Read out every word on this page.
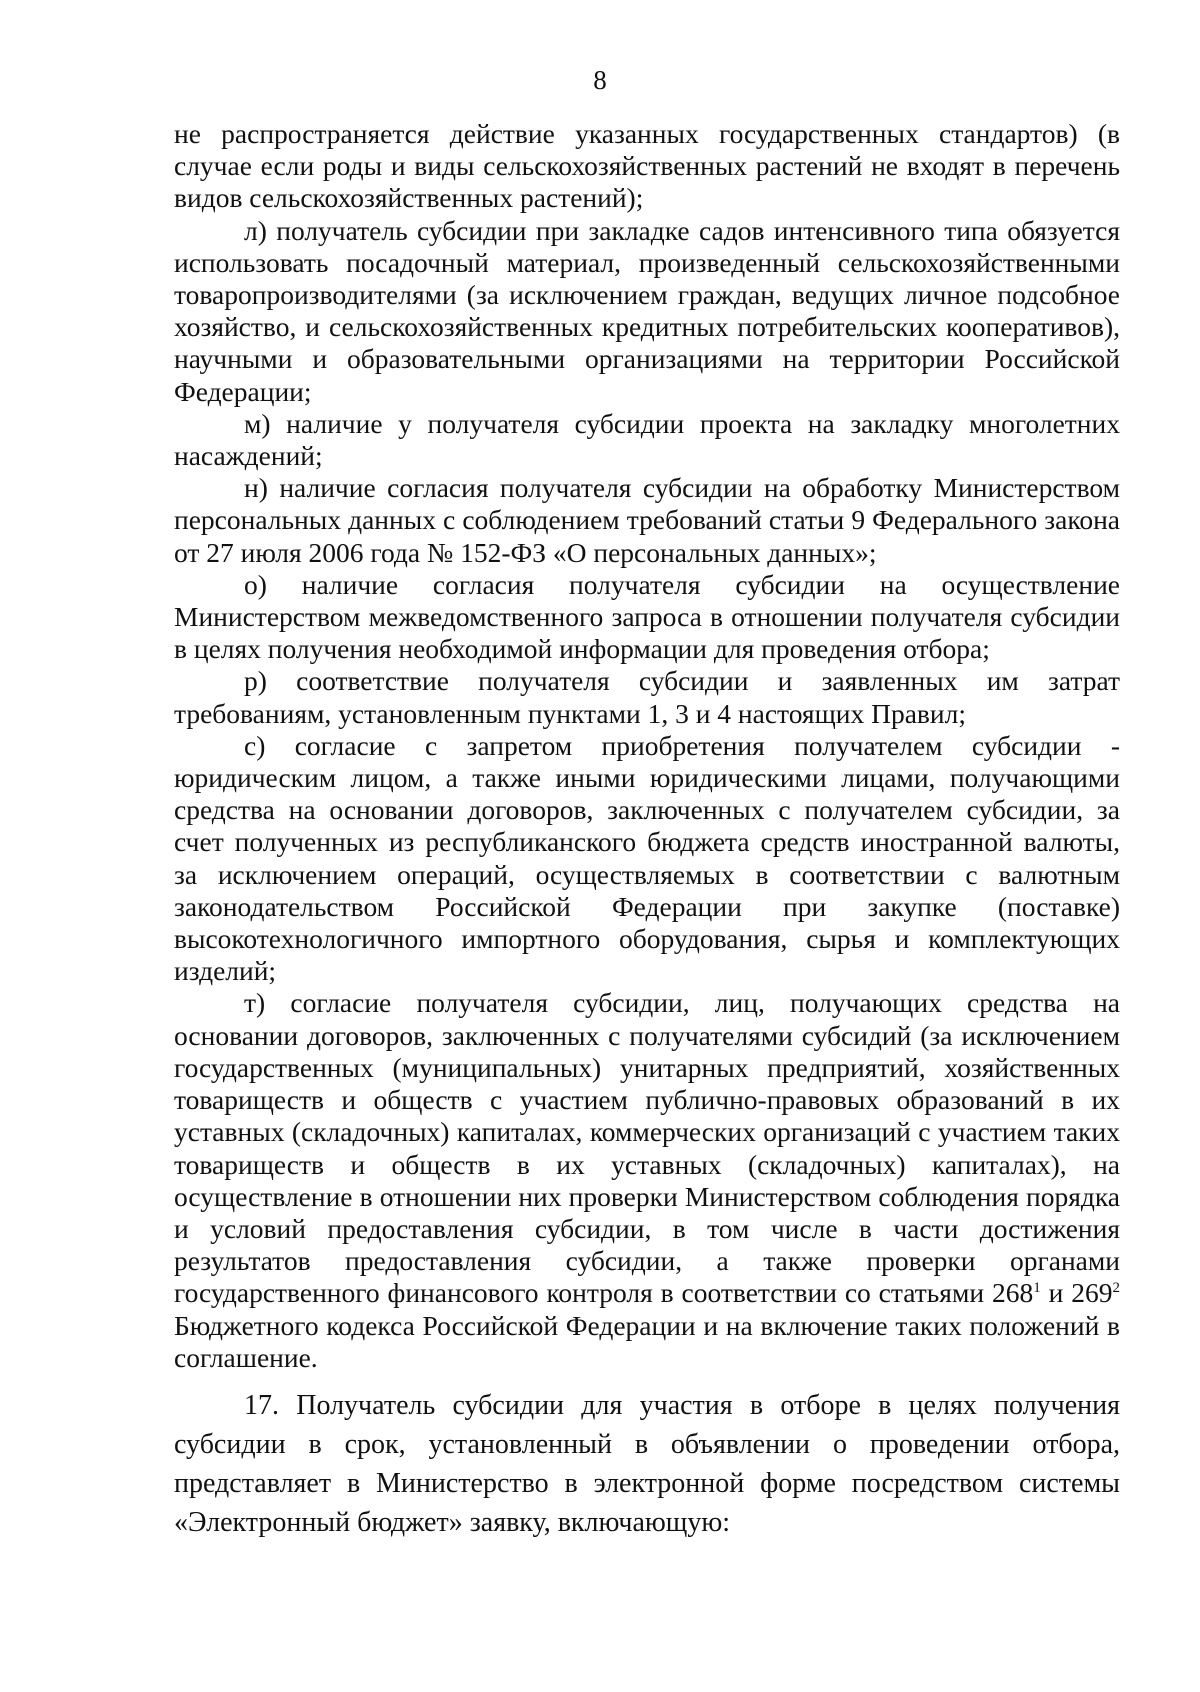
8

не распространяется действие указанных государственных стандартов) (в случае если роды и виды сельскохозяйственных растений не входят в перечень видов сельскохозяйственных растений);

л) получатель субсидии при закладке садов интенсивного типа обязуется использовать посадочный материал, произведенный сельскохозяйственными товаропроизводителями (за исключением граждан, ведущих личное подсобное хозяйство, и сельскохозяйственных кредитных потребительских кооперативов), научными и образовательными организациями на территории Российской Федерации;

м) наличие у получателя субсидии проекта на закладку многолетних насаждений;

н) наличие согласия получателя субсидии на обработку Министерством персональных данных с соблюдением требований статьи 9 Федерального закона от 27 июля 2006 года № 152-ФЗ «О персональных данных»;

о) наличие согласия получателя субсидии на осуществление Министерством межведомственного запроса в отношении получателя субсидии в целях получения необходимой информации для проведения отбора;

р) соответствие получателя субсидии и заявленных им затрат требованиям, установленным пунктами 1, 3 и 4 настоящих Правил;

с) согласие с запретом приобретения получателем субсидии - юридическим лицом, а также иными юридическими лицами, получающими средства на основании договоров, заключенных с получателем субсидии, за счет полученных из республиканского бюджета средств иностранной валюты, за исключением операций, осуществляемых в соответствии с валютным законодательством Российской Федерации при закупке (поставке) высокотехнологичного импортного оборудования, сырья и комплектующих изделий;

т) согласие получателя субсидии, лиц, получающих средства на основании договоров, заключенных с получателями субсидий (за исключением государственных (муниципальных) унитарных предприятий, хозяйственных товариществ и обществ с участием публично-правовых образований в их уставных (складочных) капиталах, коммерческих организаций с участием таких товариществ и обществ в их уставных (складочных) капиталах), на осуществление в отношении них проверки Министерством соблюдения порядка и условий предоставления субсидии, в том числе в части достижения результатов предоставления субсидии, а также проверки органами государственного финансового контроля в соответствии со статьями $268^1$ и $269^2$ Бюджетного кодекса Российской Федерации и на включение таких положений в соглашение.

17. Получатель субсидии для участия в отборе в целях получения субсидии в срок, установленный в объявлении о проведении отбора, представляет в Министерство в электронной форме посредством системы «Электронный бюджет» заявку, включающую:
